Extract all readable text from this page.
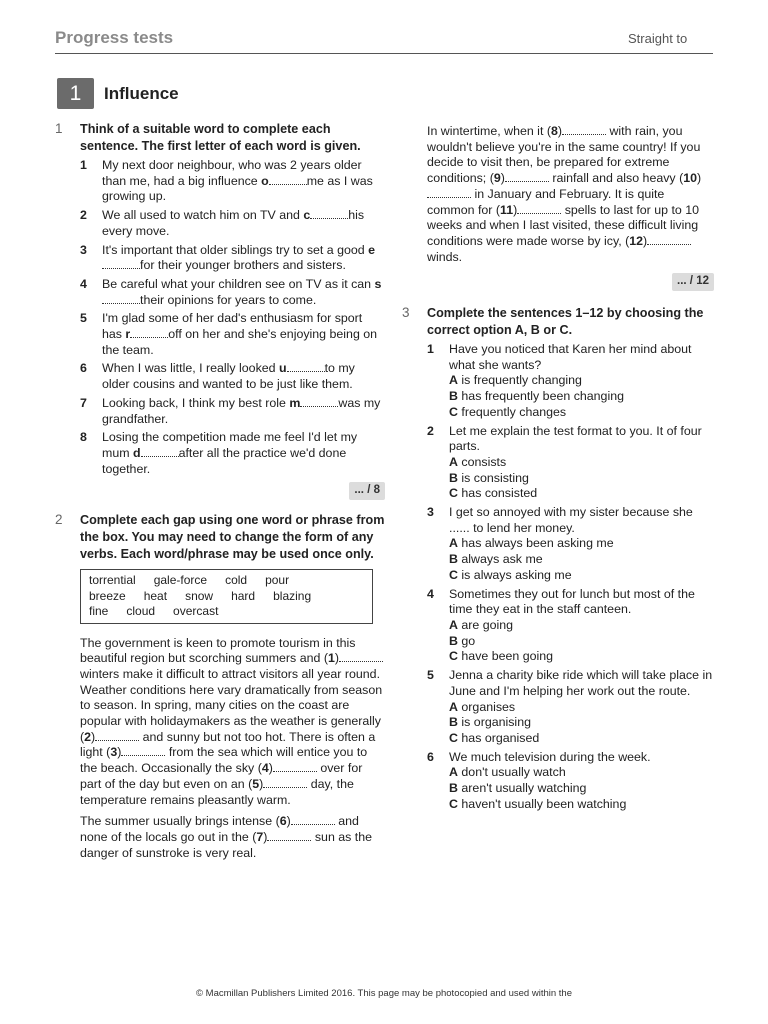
Progress tests	Straight to
1	Influence
1	Think of a suitable word to complete each sentence. The first letter of each word is given.
1	My next door neighbour, who was 2 years older than me, had a big influence o	me as I was growing up.
2	We all used to watch him on TV and c	his every move.
3	It's important that older siblings try to set a good efor their younger brothers and sisters.
4	Be careful what your children see on TV as it can stheir opinions for years to come.
5	I'm glad some of her dad's enthusiasm for sport has r	off on her and she's enjoying being on the team.
6	When I was little, I really looked u	to my older cousins and wanted to be just like them.
7	Looking back, I think my best role m	was my grandfather.
8	Losing the competition made me feel I'd let my mum d	after all the practice we'd done together.
... / 8
2	Complete each gap using one word or phrase from the box. You may need to change the form of any verbs. Each word/phrase may be used once only.
torrential gale-force cold pour
breeze heat snow hard blazing
fine cloud overcast
The government is keen to promote tourism in this beautiful region but scorching summers and (1) winters make it difficult to attract visitors all year round. Weather conditions here vary dramatically from season to season. In spring, many cities on the coast are popular with holidaymakers as the weather is generally (2)	and sunny but not too hot. There is often a light (3)	from the sea which will entice you to the beach. Occasionally the sky (4)	over for part of the day but even on an (5)	day, the temperature remains pleasantly warm.
The summer usually brings intense (6)	and none of the locals go out in the (7)	sun as the danger of sunstroke is very real.
In wintertime, when it (8)	with rain, you wouldn't believe you're in the same country! If you decide to visit then, be prepared for extreme conditions; (9)	rainfall and also heavy (10) in January and February. It is quite common for (11)	spells to last for up to 10 weeks and when I last visited, these difficult living conditions were made worse by icy, (12) winds.
... / 12
3	Complete the sentences 1–12 by choosing the correct option A, B or C.
1	Have you noticed that Karen her mind about what she wants?
A is frequently changing
B has frequently been changing
C frequently changes
2	Let me explain the test format to you. It of four parts.
A consists
B is consisting
C has consisted
3	I get so annoyed with my sister because she ...... to lend her money.
A has always been asking me
B always ask me
C is always asking me
4	Sometimes they out for lunch but most of the time they eat in the staff canteen.
A are going
B go
C have been going
5	Jenna a charity bike ride which will take place in June and I'm helping her work out the route.
A organises
B is organising
C has organised
6	We much television during the week.
A don't usually watch
B aren't usually watching
C haven't usually been watching
© Macmillan Publishers Limited 2016. This page may be photocopied and used within the
